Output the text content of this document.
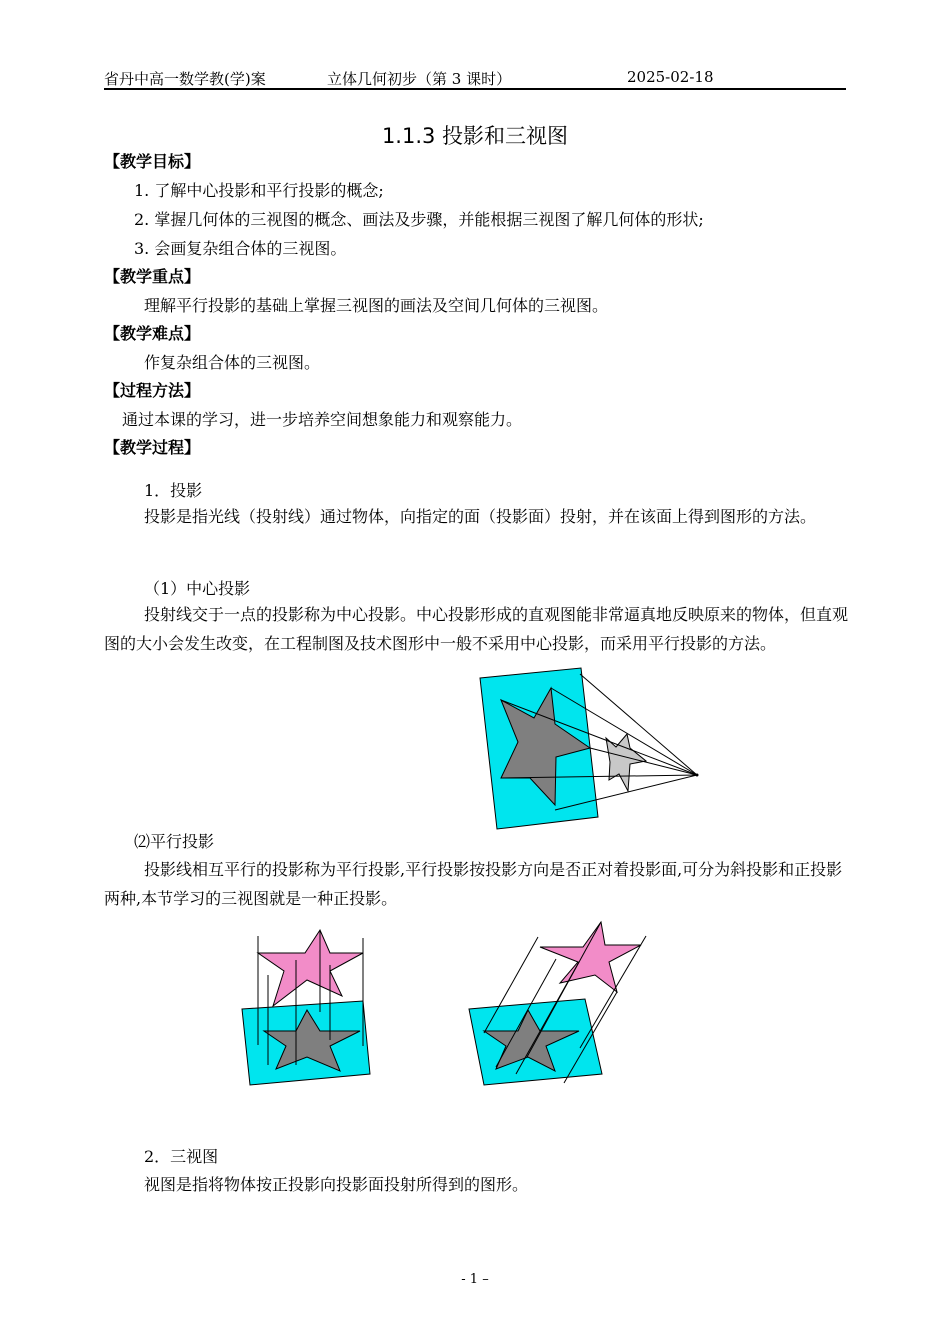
省丹中高一数学教(学)案	立体几何初步（第 3 课时）	2025-02-18
1.1.3 投影和三视图
【教学目标】
1. 了解中心投影和平行投影的概念;
2. 掌握几何体的三视图的概念、画法及步骤，并能根据三视图了解几何体的形状;
3. 会画复杂组合体的三视图。
【教学重点】
理解平行投影的基础上掌握三视图的画法及空间几何体的三视图。
【教学难点】
作复杂组合体的三视图。
【过程方法】
通过本课的学习，进一步培养空间想象能力和观察能力。
【教学过程】
1．投影
投影是指光线（投射线）通过物体，向指定的面（投影面）投射，并在该面上得到图形的方法。
（1）中心投影
投射线交于一点的投影称为中心投影。中心投影形成的直观图能非常逼真地反映原来的物体，但直观图的大小会发生改变，在工程制图及技术图形中一般不采用中心投影，而采用平行投影的方法。
⑵平行投影
投影线相互平行的投影称为平行投影,平行投影按投影方向是否正对着投影面,可分为斜投影和正投影两种,本节学习的三视图就是一种正投影。
2．三视图
视图是指将物体按正投影向投影面投射所得到的图形。
- 1 –
